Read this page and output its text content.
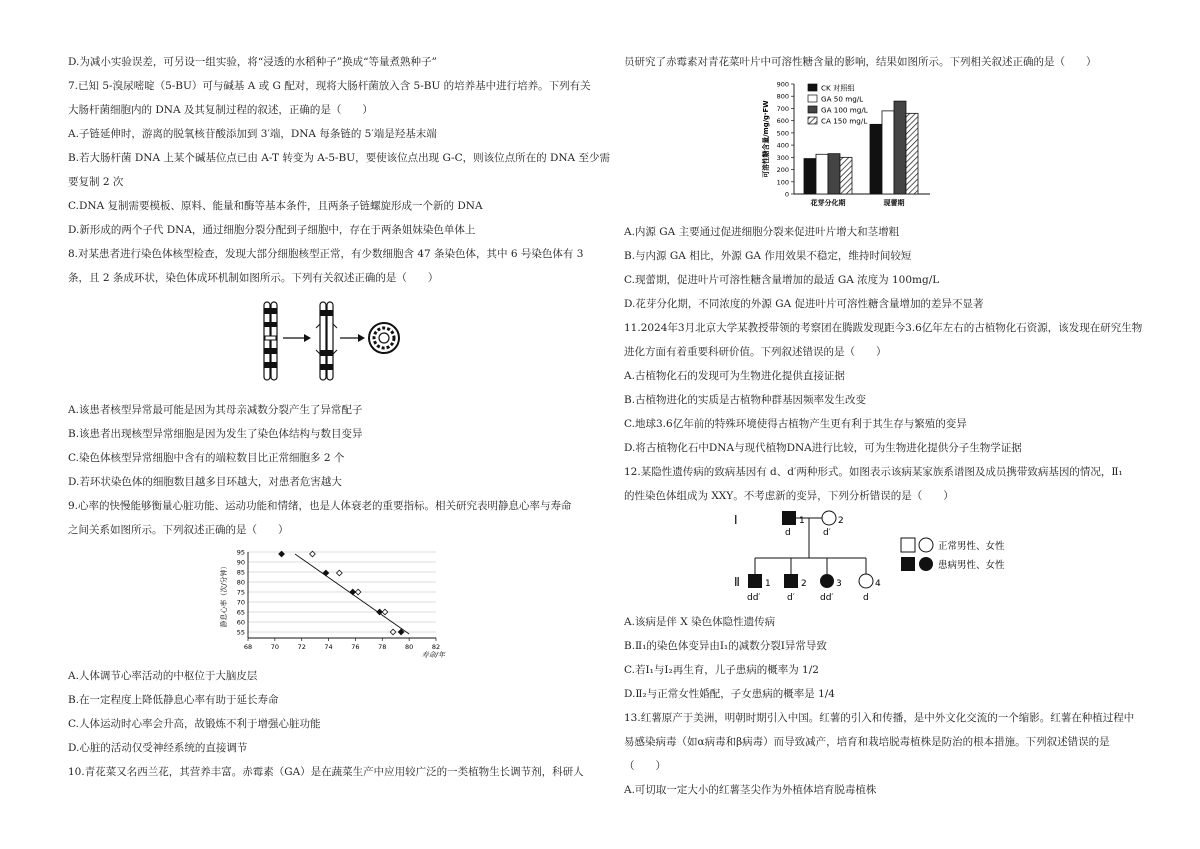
D.为减小实验误差，可另设一组实验，将“浸透的水稻种子”换成“等量煮熟种子”
7.已知 5-溴尿嘧啶（5-BU）可与碱基 A 或 G 配对，现将大肠杆菌放入含 5-BU 的培养基中进行培养。下列有关
大肠杆菌细胞内的 DNA 及其复制过程的叙述，正确的是（　　）
A.子链延伸时，游离的脱氧核苷酸添加到 3′端，DNA 每条链的 5′端是羟基末端
B.若大肠杆菌 DNA 上某个碱基位点已由 A-T 转变为 A-5-BU，要使该位点出现 G-C，则该位点所在的 DNA 至少需
要复制 2 次
C.DNA 复制需要模板、原料、能量和酶等基本条件，且两条子链螺旋形成一个新的 DNA
D.新形成的两个子代 DNA，通过细胞分裂分配到子细胞中，存在于两条姐妹染色单体上
8.对某患者进行染色体核型检查，发现大部分细胞核型正常，有少数细胞含 47 条染色体，其中 6 号染色体有 3
条，且 2 条成环状，染色体成环机制如图所示。下列有关叙述正确的是（　　）
A.该患者核型异常最可能是因为其母亲减数分裂产生了异常配子
B.该患者出现核型异常细胞是因为发生了染色体结构与数目变异
C.染色体核型异常细胞中含有的端粒数目比正常细胞多 2 个
D.若环状染色体的细胞数目越多目环越大，对患者危害越大
9.心率的快慢能够衡量心脏功能、运动功能和情绪，也是人体衰老的重要指标。相关研究表明静息心率与寿命
之间关系如图所示。下列叙述正确的是（　　）
55
60
65
70
75
80
85
90
95
68	70	72	74	76	78	80	82
寿命/年
静息心率（次/分钟）
A.人体调节心率活动的中枢位于大脑皮层
B.在一定程度上降低静息心率有助于延长寿命
C.人体运动时心率会升高，故锻炼不利于增强心脏功能
D.心脏的活动仅受神经系统的直接调节
10.青花菜又名西兰花，其营养丰富。赤霉素（GA）是在蔬菜生产中应用较广泛的一类植物生长调节剂，科研人
员研究了赤霉素对青花菜叶片中可溶性糖含量的影响，结果如图所示。下列相关叙述正确的是（　　）
0
100
200
300
400
500
600
700
800
900
可溶性糖含量/mg/g·FW
花芽分化期	现蕾期
CK 对照组
GA 50 mg/L
GA 100 mg/L
CA 150 mg/L
A.内源 GA 主要通过促进细胞分裂来促进叶片增大和茎增粗
B.与内源 GA 相比，外源 GA 作用效果不稳定，维持时间较短
C.现蕾期，促进叶片可溶性糖含量增加的最适 GA 浓度为 100mg/L
D.花芽分化期，不同浓度的外源 GA 促进叶片可溶性糖含量增加的差异不显著
11.2024年3月北京大学某教授带领的考察团在腾跋发现距今3.6亿年左右的古植物化石资源，该发现在研究生物
进化方面有着重要科研价值。下列叙述错误的是（　　）
A.古植物化石的发现可为生物进化提供直接证据
B.古植物进化的实质是古植物种群基因频率发生改变
C.地球3.6亿年前的特殊环境使得古植物产生更有利于其生存与繁殖的变异
D.将古植物化石中DNA与现代植物DNA进行比较，可为生物进化提供分子生物学证据
12.某隐性遗传病的致病基因有 d、d′两种形式。如图表示该病某家族系谱图及成员携带致病基因的情况，Ⅱ₁
的性染色体组成为 XXY。不考虑新的变异，下列分析错误的是（　　）
Ⅰ
Ⅱ
1
d
2
d′
1
dd′
2
d′
3
dd′
4
d
正常男性、女性
患病男性、女性
A.该病是伴 X 染色体隐性遗传病
B.Ⅱ₁的染色体变异由Ⅰ₁的减数分裂Ⅰ异常导致
C.若Ⅰ₁与Ⅰ₂再生育，儿子患病的概率为 1/2
D.Ⅱ₂与正常女性婚配，子女患病的概率是 1/4
13.红薯原产于美洲，明朝时期引入中国。红薯的引入和传播，是中外文化交流的一个缩影。红薯在种植过程中
易感染病毒（如α病毒和β病毒）而导致减产，培育和栽培脱毒植株是防治的根本措施。下列叙述错误的是
（　　）
A.可切取一定大小的红薯茎尖作为外植体培育脱毒植株
